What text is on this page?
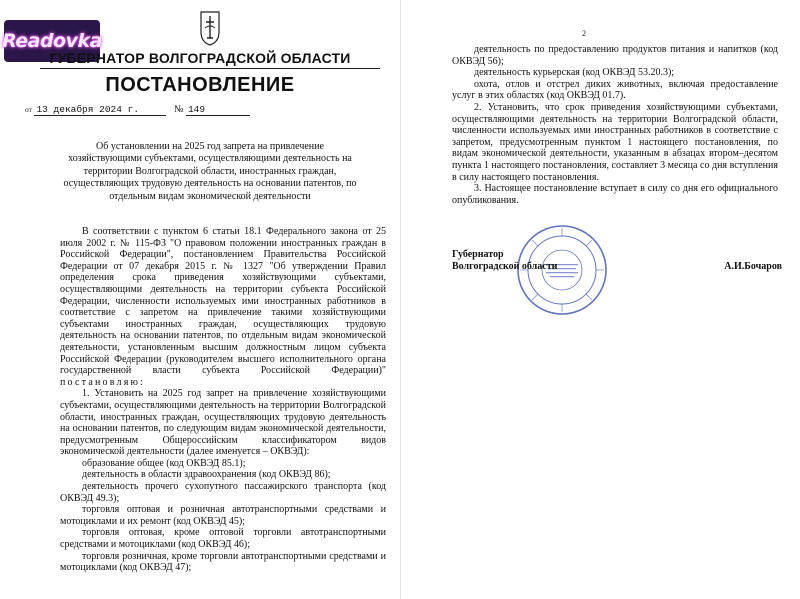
Readovka
ГУБЕРНАТОР ВОЛГОГРАДСКОЙ ОБЛАСТИ
ПОСТАНОВЛЕНИЕ
от 13 декабря 2024 г.	№ 149
Об установлении на 2025 год запрета на привлечение хозяйствующими субъектами, осуществляющими деятельность на территории Волгоградской области, иностранных граждан, осуществляющих трудовую деятельность на основании патентов, по отдельным видам экономической деятельности

В соответствии с пунктом 6 статьи 18.1 Федерального закона от 25 июля 2002 г. № 115-ФЗ "О правовом положении иностранных граждан в Российской Федерации", постановлением Правительства Российской Федерации от 07 декабря 2015 г. № 1327 "Об утверждении Правил определения срока приведения хозяйствующими субъектами, осуществляющими деятельность на территории субъекта Российской Федерации, численности используемых ими иностранных работников в соответствие с запретом на привлечение такими хозяйствующими субъектами иностранных граждан, осуществляющих трудовую деятельность на основании патентов, по отдельным видам экономической деятельности, установленным высшим должностным лицом субъекта Российской Федерации (руководителем высшего исполнительного органа государственной власти субъекта Российской Федерации)" постановляю:

1. Установить на 2025 год запрет на привлечение хозяйствующими субъектами, осуществляющими деятельность на территории Волгоградской области, иностранных граждан, осуществляющих трудовую деятельность на основании патентов, по следующим видам экономической деятельности, предусмотренным Общероссийским классификатором видов экономической деятельности (далее именуется – ОКВЭД):

образование общее (код ОКВЭД 85.1);

деятельность в области здравоохранения (код ОКВЭД 86);

деятельность прочего сухопутного пассажирского транспорта (код ОКВЭД 49.3);

торговля оптовая и розничная автотранспортными средствами и мотоциклами и их ремонт (код ОКВЭД 45);

торговля оптовая, кроме оптовой торговли автотранспортными средствами и мотоциклами (код ОКВЭД 46);

торговля розничная, кроме торговли автотранспортными средствами и мотоциклами (код ОКВЭД 47);

2

деятельность по предоставлению продуктов питания и напитков (код ОКВЭД 56);

деятельность курьерская (код ОКВЭД 53.20.3);

охота, отлов и отстрел диких животных, включая предоставление услуг в этих областях (код ОКВЭД 01.7).

2. Установить, что срок приведения хозяйствующими субъектами, осуществляющими деятельность на территории Волгоградской области, численности используемых ими иностранных работников в соответствие с запретом, предусмотренным пунктом 1 настоящего постановления, по видам экономической деятельности, указанным в абзацах втором–десятом пункта 1 настоящего постановления, составляет 3 месяца со дня вступления в силу настоящего постановления.

3. Настоящее постановление вступает в силу со дня его официального опубликования.

Губернатор
Волгоградской области	А.И.Бочаров
